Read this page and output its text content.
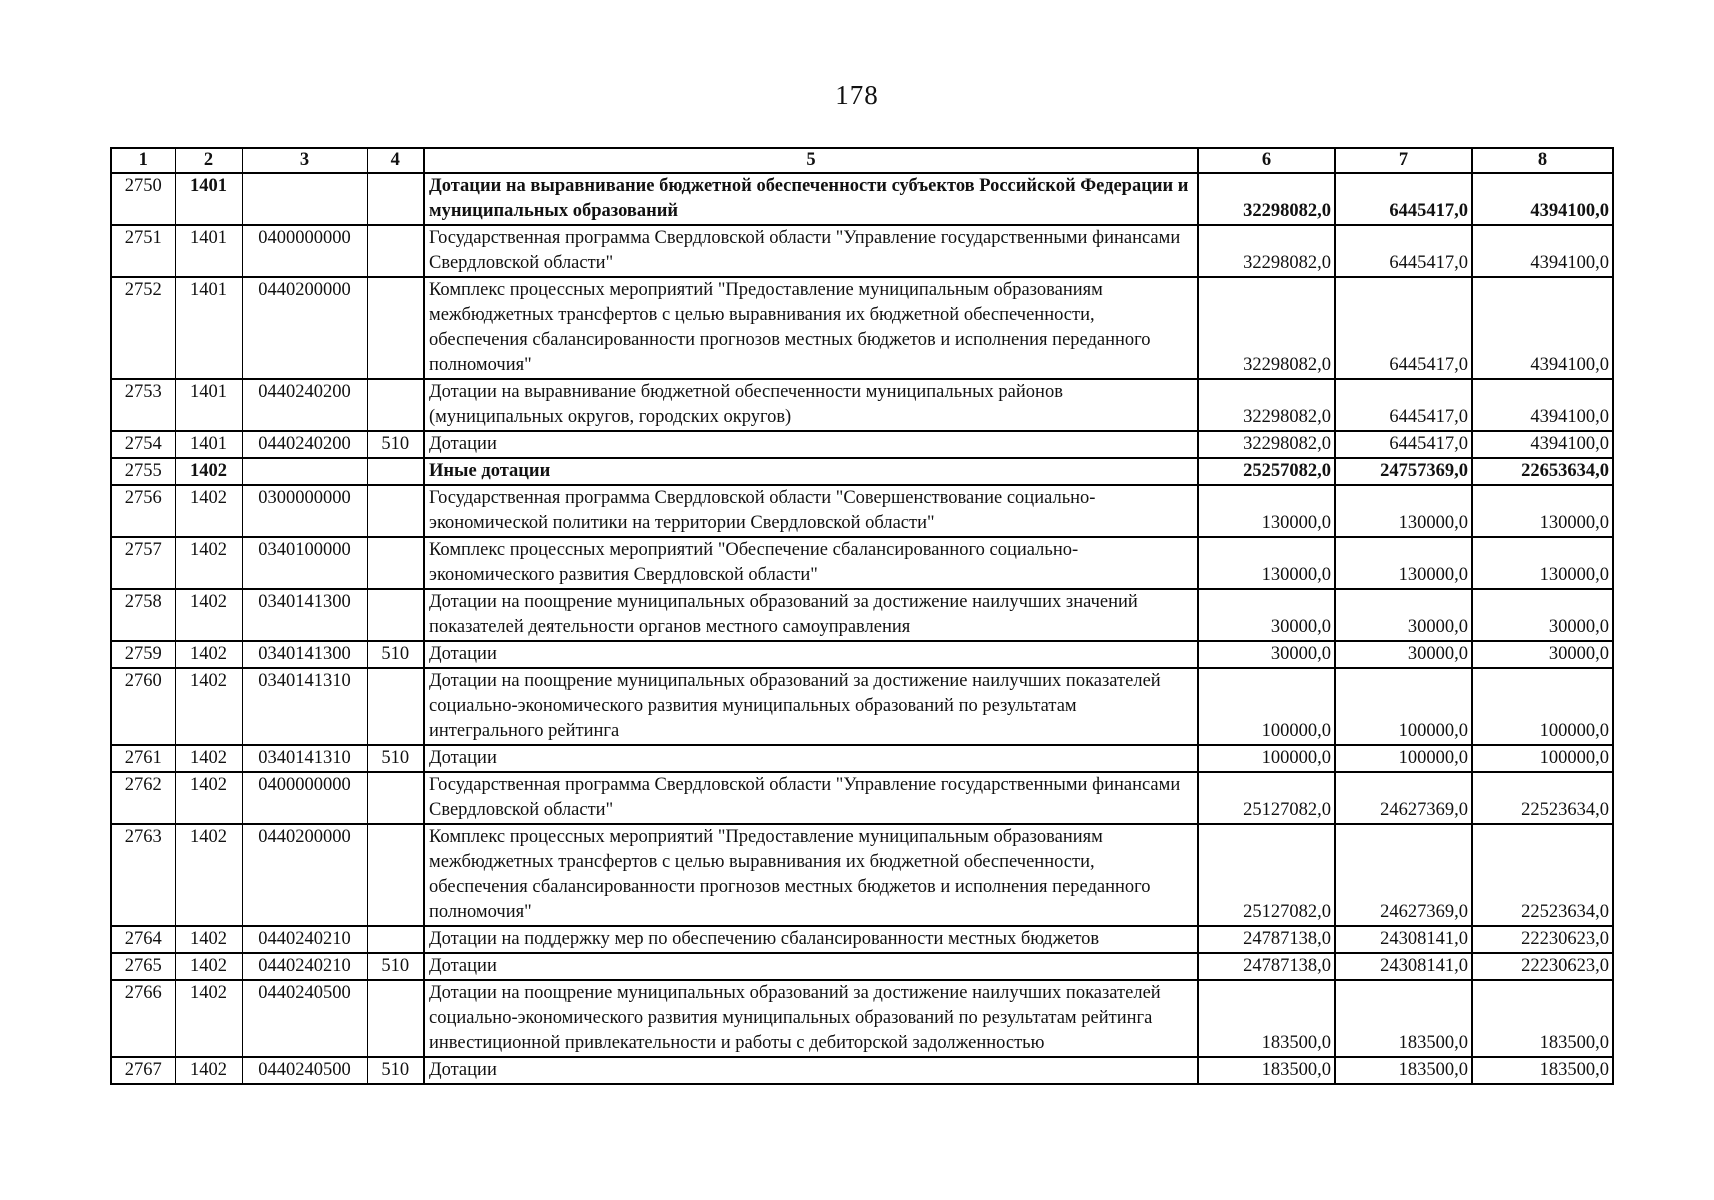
178
1	2	3	4	5	6	7	8
2750	1401			Дотации на выравнивание бюджетной обеспеченности субъектов Российской Федерации и муниципальных образований	32298082,0	6445417,0	4394100,0
2751	1401	0400000000		Государственная программа Свердловской области "Управление государственными финансами Свердловской области"	32298082,0	6445417,0	4394100,0
2752	1401	0440200000		Комплекс процессных мероприятий "Предоставление муниципальным образованиям межбюджетных трансфертов с целью выравнивания их бюджетной обеспеченности, обеспечения сбалансированности прогнозов местных бюджетов и исполнения переданного полномочия"	32298082,0	6445417,0	4394100,0
2753	1401	0440240200		Дотации на выравнивание бюджетной обеспеченности муниципальных районов (муниципальных округов, городских округов)	32298082,0	6445417,0	4394100,0
2754	1401	0440240200	510	Дотации	32298082,0	6445417,0	4394100,0
2755	1402			Иные дотации	25257082,0	24757369,0	22653634,0
2756	1402	0300000000		Государственная программа Свердловской области "Совершенствование социально-экономической политики на территории Свердловской области"	130000,0	130000,0	130000,0
2757	1402	0340100000		Комплекс процессных мероприятий "Обеспечение сбалансированного социально-экономического развития Свердловской области"	130000,0	130000,0	130000,0
2758	1402	0340141300		Дотации на поощрение муниципальных образований за достижение наилучших значений показателей деятельности органов местного самоуправления	30000,0	30000,0	30000,0
2759	1402	0340141300	510	Дотации	30000,0	30000,0	30000,0
2760	1402	0340141310		Дотации на поощрение муниципальных образований за достижение наилучших показателей социально-экономического развития муниципальных образований по результатам интегрального рейтинга	100000,0	100000,0	100000,0
2761	1402	0340141310	510	Дотации	100000,0	100000,0	100000,0
2762	1402	0400000000		Государственная программа Свердловской области "Управление государственными финансами Свердловской области"	25127082,0	24627369,0	22523634,0
2763	1402	0440200000		Комплекс процессных мероприятий "Предоставление муниципальным образованиям межбюджетных трансфертов с целью выравнивания их бюджетной обеспеченности, обеспечения сбалансированности прогнозов местных бюджетов и исполнения переданного полномочия"	25127082,0	24627369,0	22523634,0
2764	1402	0440240210		Дотации на поддержку мер по обеспечению сбалансированности местных бюджетов	24787138,0	24308141,0	22230623,0
2765	1402	0440240210	510	Дотации	24787138,0	24308141,0	22230623,0
2766	1402	0440240500		Дотации на поощрение муниципальных образований за достижение наилучших показателей социально-экономического развития муниципальных образований по результатам рейтинга инвестиционной привлекательности и работы с дебиторской задолженностью	183500,0	183500,0	183500,0
2767	1402	0440240500	510	Дотации	183500,0	183500,0	183500,0
